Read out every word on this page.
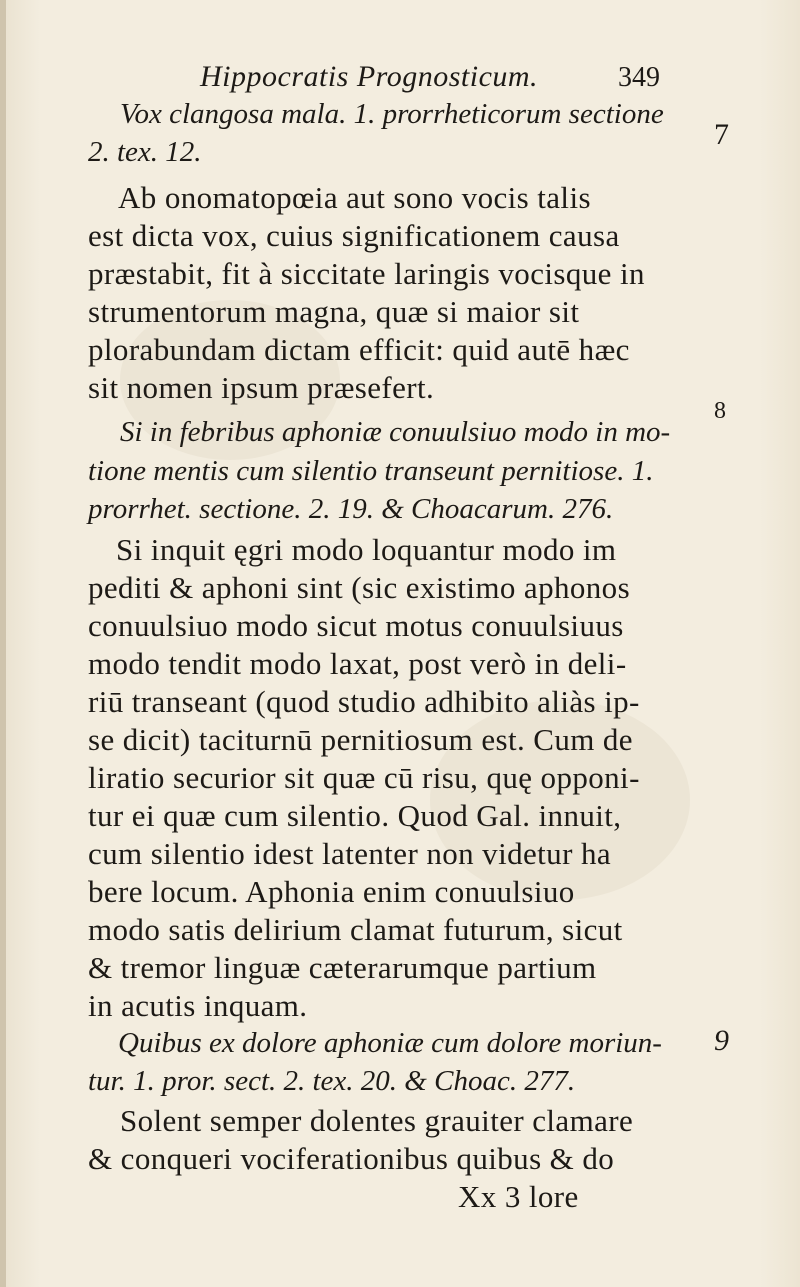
Hippocratis Prognosticum.	349
Vox clangosa mala. 1. prorrheticorum sectione
2. tex. 12.
Ab onomatopœia aut sono vocis talis
est dicta vox, cuius significationem causa
præstabit, fit à siccitate laringis vocisque in
strumentorum magna, quæ si maior sit
plorabundam dictam efficit: quid autē hæc
sit nomen ipsum præsefert.
Si in febribus aphoniæ conuulsiuo modo in mo-
tione mentis cum silentio transeunt pernitiose. 1.
prorrhet. sectione. 2. 19. & Choacarum. 276.
Si inquit ęgri modo loquantur modo im
pediti & aphoni sint (sic existimo aphonos
conuulsiuo modo sicut motus conuulsiuus
modo tendit modo laxat, post verò in deli-
riū transeant (quod studio adhibito aliàs ip-
se dicit) taciturnū pernitiosum est. Cum de
liratio securior sit quæ cū risu, quę opponi-
tur ei quæ cum silentio. Quod Gal. innuit,
cum silentio idest latenter non videtur ha
bere locum. Aphonia enim conuulsiuo
modo satis delirium clamat futurum, sicut
& tremor linguæ cæterarumque partium
in acutis inquam.
Quibus ex dolore aphoniæ cum dolore moriun-
tur. 1. pror. sect. 2. tex. 20. & Choac. 277.
Solent semper dolentes grauiter clamare
& conqueri vociferationibus quibus & do
Xx 3 lore
7
8
9
